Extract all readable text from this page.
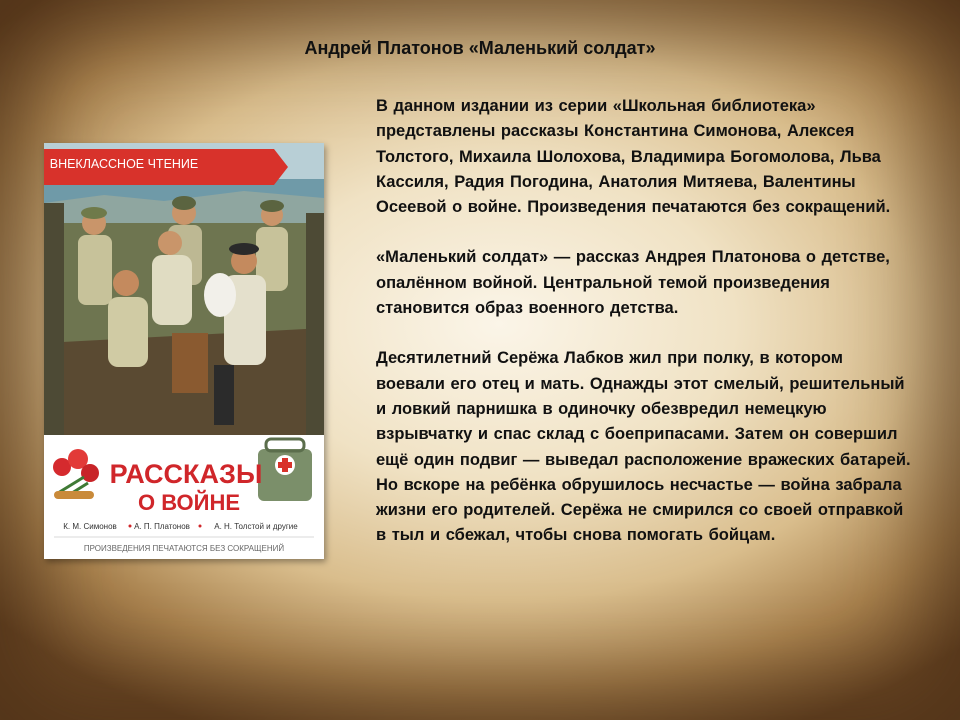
Андрей Платонов «Маленький солдат»
ВНЕКЛАССНОЕ ЧТЕНИЕ
РАССКАЗЫ
О ВОЙНЕ
К. М. Симонов А. П. Платонов	А. Н. Толстой и другие
ПРОИЗВЕДЕНИЯ ПЕЧАТАЮТСЯ БЕЗ СОКРАЩЕНИЙ

В данном издании из серии «Школьная библиотека» представлены рассказы Константина Симонова, Алексея Толстого, Михаила Шолохова, Владимира Богомолова, Льва Кассиля, Радия Погодина, Анатолия Митяева, Валентины Осеевой о войне. Произведения печатаются без сокращений.

«Маленький солдат» — рассказ Андрея Платонова о детстве, опалённом войной. Центральной темой произведения становится образ военного детства.

Десятилетний Серёжа Лабков жил при полку, в котором воевали его отец и мать. Однажды этот смелый, решительный и ловкий парнишка в одиночку обезвредил немецкую взрывчатку и спас склад с боеприпасами. Затем он совершил ещё один подвиг — выведал расположение вражеских батарей. Но вскоре на ребёнка обрушилось несчастье — война забрала жизни его родителей. Серёжа не смирился со своей отправкой в тыл и сбежал, чтобы снова помогать бойцам.
